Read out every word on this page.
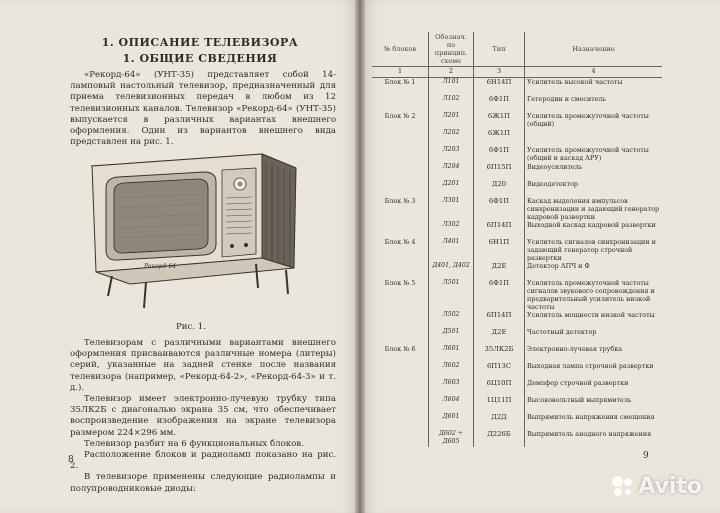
1. ОПИСАНИЕ ТЕЛЕВИЗОРА
1. ОБЩИЕ СВЕДЕНИЯ

«Рекорд-64» (УНТ-35) представляет собой 14-ламповый настольный телевизор, предназначенный для приема телевизионных передач в любом из 12 телевизионных каналов. Телевизор «Рекорд-64» (УНТ-35) выпускается в различных вариантах внешнего оформления. Один из вариантов внешнего вида представлен на рис. 1.

Рекорд 64
Рис. 1.

Телевизорам с различными вариантами внешнего оформления присваиваются различные номера (литеры) серий, указанные на задней стенке после названия телевизора (например, «Рекорд-64-2», «Рекорд-64-3» и т. д.).

Телевизор имеет электронно-лучевую трубку типа 35ЛК2Б с диагональю экрана 35 см, что обеспечивает воспроизведение изображения на экране телевизора размером 224×296 мм.

Телевизор разбит на 6 функциональных блоков.

Расположение блоков и радиоламп показано на рис. 2.

В телевизоре применены следующие радиолампы и полупроводниковые диоды:

8
№ блоков	Обознач. по принцип. схеме	Тип	Назначение
1	2	3	4
Блок № 1	Л101	6Н14П	Усилитель высокой частоты
	Л102	6Ф1П	Гетеродин и смеситель
Блок № 2	Л201	6Ж1П	Усилитель промежуточной частоты (общий)
	Л202	6Ж1П	
	Л203	6Ф1П	Усилитель промежуточной частоты (общий и каскад АРУ)
	Л204	6П15П	Видеоусилитель
	Д201	Д20	Видеодетектор
Блок № 3	Л301	6Ф1П	Каскад выделения импульсов синхронизации и задающий генератор кадровой развертки
	Л302	6П14П	Выходной каскад кадровой развертки
Блок № 4	Л401	6Н1П	Усилитель сигналов синхронизации и задающий генератор строчной развертки
	Д401, Д402	Д2Е	Детектор АПЧ и Ф
Блок № 5	Л501	6Ф1П	Усилитель промежуточной частоты сигналов звукового сопровождения и предварительный усилитель низкой частоты
	Л502	6П14П	Усилитель мощности низкой частоты
	Д501	Д2Е	Частотный детектор
Блок № 6	Л601	35ЛК2Б	Электронно-лучевая трубка
	Л602	6П13С	Выходная лампа строчной развертки
	Л603	6Ц10П	Демпфер строчной развертки
	Л604	1Ц11П	Высоковольтный выпрямитель
	Д601	Д2Д	Выпрямитель напряжения смещения
	Д602 ÷ Д605	Д226Б	Выпрямитель анодного напряжения
9
Avito
